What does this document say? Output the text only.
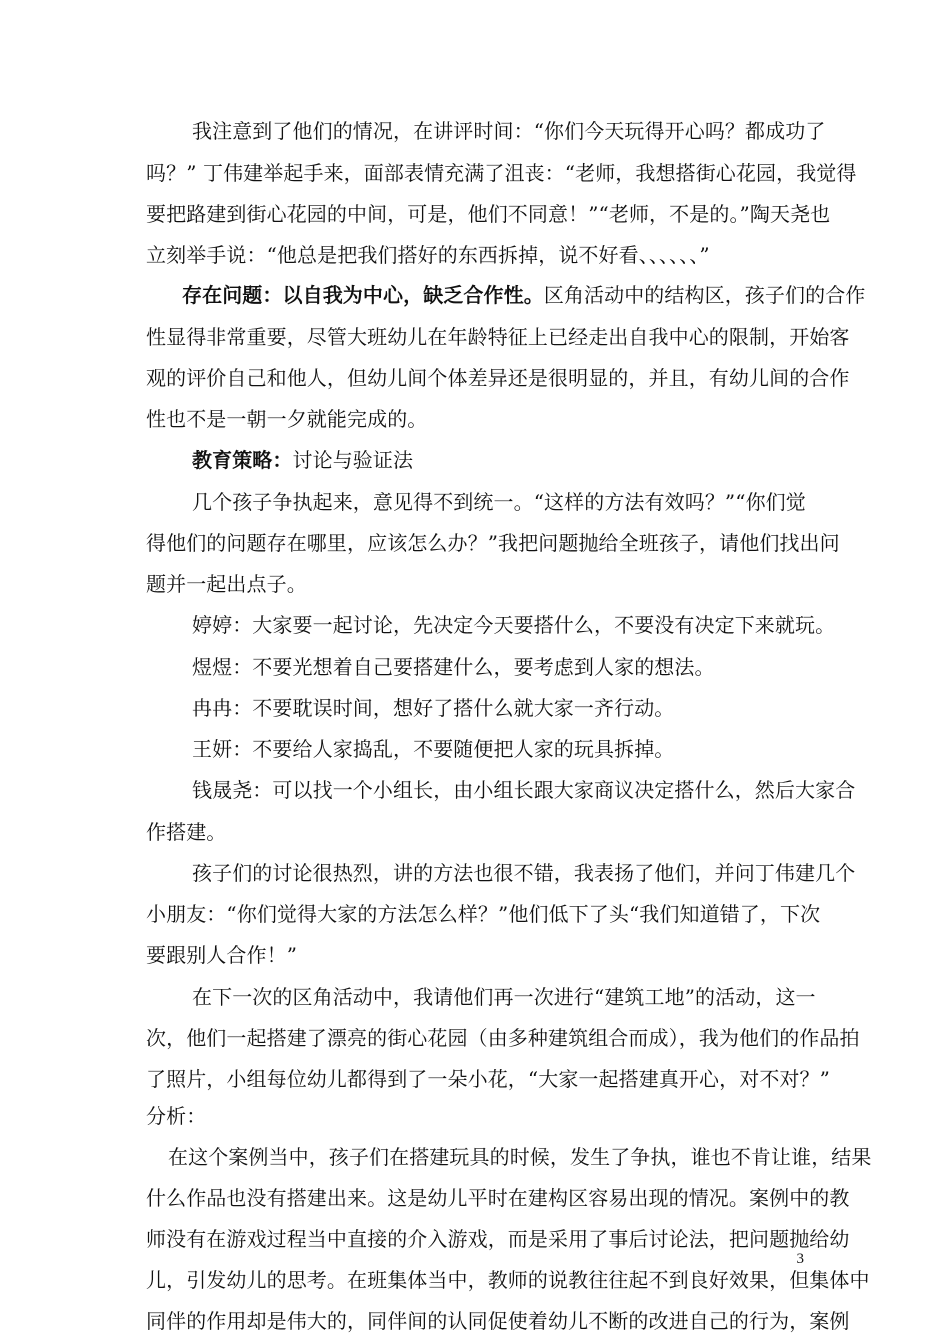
我注意到了他们的情况，在讲评时间：“你们今天玩得开心吗？都成功了
吗？” 丁伟建举起手来，面部表情充满了沮丧：“老师，我想搭街心花园，我觉得
要把路建到街心花园的中间，可是，他们不同意！”“老师，不是的。”陶天尧也
立刻举手说：“他总是把我们搭好的东西拆掉，说不好看、、、、、、”
存在问题：以自我为中心，缺乏合作性。区角活动中的结构区，孩子们的合作
性显得非常重要，尽管大班幼儿在年龄特征上已经走出自我中心的限制，开始客
观的评价自己和他人，但幼儿间个体差异还是很明显的，并且，有幼儿间的合作
性也不是一朝一夕就能完成的。
教育策略：讨论与验证法
几个孩子争执起来，意见得不到统一。“这样的方法有效吗？”“你们觉
得他们的问题存在哪里，应该怎么办？”我把问题抛给全班孩子，请他们找出问
题并一起出点子。
婷婷：大家要一起讨论，先决定今天要搭什么，不要没有决定下来就玩。
煜煜：不要光想着自己要搭建什么，要考虑到人家的想法。
冉冉：不要耽误时间，想好了搭什么就大家一齐行动。
王妍：不要给人家捣乱，不要随便把人家的玩具拆掉。
钱晟尧：可以找一个小组长，由小组长跟大家商议决定搭什么，然后大家合
作搭建。
孩子们的讨论很热烈，讲的方法也很不错，我表扬了他们，并问丁伟建几个
小朋友：“你们觉得大家的方法怎么样？”他们低下了头“我们知道错了，下次
要跟别人合作！”
在下一次的区角活动中，我请他们再一次进行“建筑工地”的活动，这一
次，他们一起搭建了漂亮的街心花园（由多种建筑组合而成），我为他们的作品拍
了照片，小组每位幼儿都得到了一朵小花，“大家一起搭建真开心，对不对？”
分析：
在这个案例当中，孩子们在搭建玩具的时候，发生了争执，谁也不肯让谁，结果
什么作品也没有搭建出来。这是幼儿平时在建构区容易出现的情况。案例中的教
师没有在游戏过程当中直接的介入游戏，而是采用了事后讨论法，把问题抛给幼
儿，引发幼儿的思考。在班集体当中，教师的说教往往起不到良好效果，但集体中
同伴的作用却是伟大的，同伴间的认同促使着幼儿不断的改进自己的行为，案例
3
